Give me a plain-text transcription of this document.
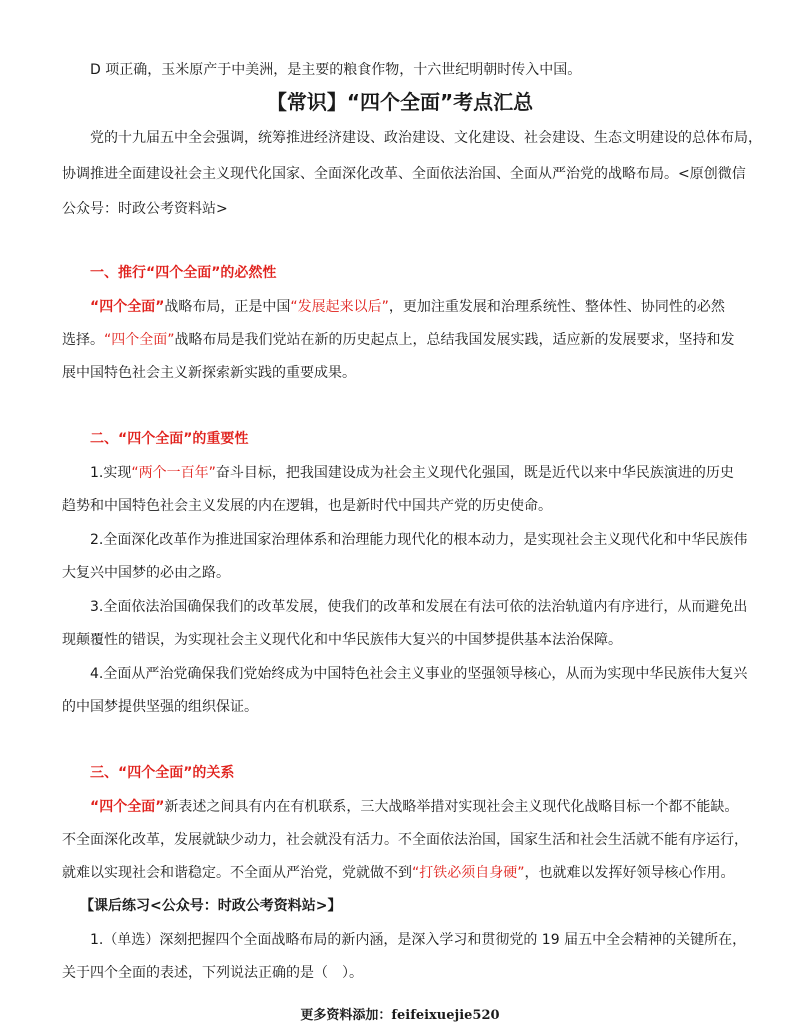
D 项正确，玉米原产于中美洲，是主要的粮食作物，十六世纪明朝时传入中国。
【常识】“四个全面”考点汇总
党的十九届五中全会强调，统筹推进经济建设、政治建设、文化建设、社会建设、生态文明建设的总体布局，
协调推进全面建设社会主义现代化国家、全面深化改革、全面依法治国、全面从严治党的战略布局。<原创微信
公众号：时政公考资料站>
一、推行“四个全面”的必然性
“四个全面”战略布局，正是中国“发展起来以后”，更加注重发展和治理系统性、整体性、协同性的必然
选择。“四个全面”战略布局是我们党站在新的历史起点上，总结我国发展实践，适应新的发展要求，坚持和发
展中国特色社会主义新探索新实践的重要成果。
二、“四个全面”的重要性
1.实现“两个一百年”奋斗目标，把我国建设成为社会主义现代化强国，既是近代以来中华民族演进的历史
趋势和中国特色社会主义发展的内在逻辑，也是新时代中国共产党的历史使命。
2.全面深化改革作为推进国家治理体系和治理能力现代化的根本动力，是实现社会主义现代化和中华民族伟
大复兴中国梦的必由之路。
3.全面依法治国确保我们的改革发展，使我们的改革和发展在有法可依的法治轨道内有序进行，从而避免出
现颠覆性的错误，为实现社会主义现代化和中华民族伟大复兴的中国梦提供基本法治保障。
4.全面从严治党确保我们党始终成为中国特色社会主义事业的坚强领导核心，从而为实现中华民族伟大复兴
的中国梦提供坚强的组织保证。
三、“四个全面”的关系
“四个全面”新表述之间具有内在有机联系，三大战略举措对实现社会主义现代化战略目标一个都不能缺。
不全面深化改革，发展就缺少动力，社会就没有活力。不全面依法治国，国家生活和社会生活就不能有序运行，
就难以实现社会和谐稳定。不全面从严治党，党就做不到“打铁必须自身硬”，也就难以发挥好领导核心作用。
【课后练习<公众号：时政公考资料站>】
1.（单选）深刻把握四个全面战略布局的新内涵，是深入学习和贯彻党的 19 届五中全会精神的关键所在，
关于四个全面的表述，下列说法正确的是（　）。
更多资料添加：feifeixuejie520
